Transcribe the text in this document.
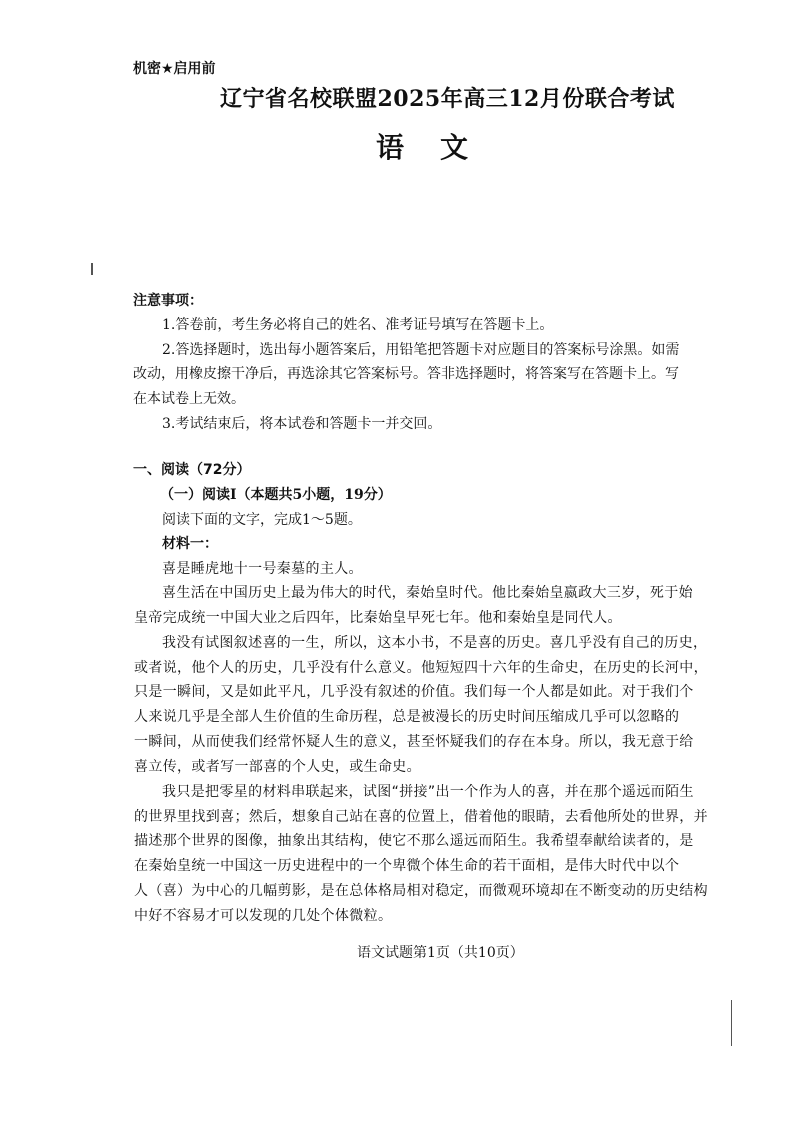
机密★启用前
辽宁省名校联盟2025年高三12月份联合考试
语文
注意事项：
1.答卷前，考生务必将自己的姓名、准考证号填写在答题卡上。
2.答选择题时，选出每小题答案后，用铅笔把答题卡对应题目的答案标号涂黑。如需
改动，用橡皮擦干净后，再选涂其它答案标号。答非选择题时，将答案写在答题卡上。写
在本试卷上无效。
3.考试结束后，将本试卷和答题卡一并交回。
一、阅读（72分）
（一）阅读Ⅰ（本题共5小题，19分）
阅读下面的文字，完成1～5题。
材料一：
喜是睡虎地十一号秦墓的主人。
喜生活在中国历史上最为伟大的时代，秦始皇时代。他比秦始皇嬴政大三岁，死于始
皇帝完成统一中国大业之后四年，比秦始皇早死七年。他和秦始皇是同代人。
我没有试图叙述喜的一生，所以，这本小书，不是喜的历史。喜几乎没有自己的历史，
或者说，他个人的历史，几乎没有什么意义。他短短四十六年的生命史，在历史的长河中，
只是一瞬间，又是如此平凡，几乎没有叙述的价值。我们每一个人都是如此。对于我们个
人来说几乎是全部人生价值的生命历程，总是被漫长的历史时间压缩成几乎可以忽略的
一瞬间，从而使我们经常怀疑人生的意义，甚至怀疑我们的存在本身。所以，我无意于给
喜立传，或者写一部喜的个人史，或生命史。
我只是把零星的材料串联起来，试图“拼接”出一个作为人的喜，并在那个遥远而陌生
的世界里找到喜；然后，想象自己站在喜的位置上，借着他的眼睛，去看他所处的世界，并
描述那个世界的图像，抽象出其结构，使它不那么遥远而陌生。我希望奉献给读者的，是
在秦始皇统一中国这一历史进程中的一个卑微个体生命的若干面相，是伟大时代中以个
人（喜）为中心的几幅剪影，是在总体格局相对稳定，而微观环境却在不断变动的历史结构
中好不容易才可以发现的几处个体微粒。
语文试题第1页（共10页）
